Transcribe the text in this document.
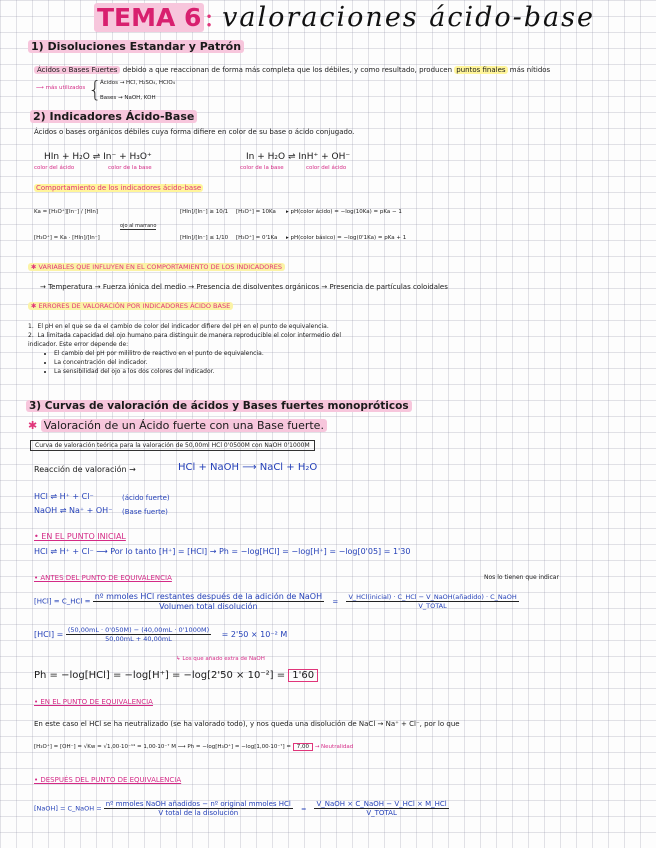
TEMA 6 : valoraciones ácido-base
1) Disoluciones Estandar y Patrón
Ácidos o Bases Fuertes debido a que reaccionan de forma más completa que los débiles, y como resultado, producen puntos finales más nítidos
⟶ más utilizados {
Ácidos → HCl, H₂SO₄, HClO₄
Bases → NaOH, KOH
2) Indicadores Ácido-Base
Ácidos o bases orgánicos débiles cuya forma difiere en color de su base o ácido conjugado.
HIn + H₂O ⇌ In⁻ + H₃O⁺
color del ácido	color de la base
In + H₂O ⇌ InH⁺ + OH⁻
color de la base	color del ácido
Comportamiento de los indicadores ácido-base
Ka = [H₃O⁺][In⁻] / [HIn]
[H₃O⁺] = Ka · [HIn]/[In⁻]
ojo al marrano
[HIn]/[In⁻] ≥ 10/1 [H₃O⁺] = 10Ka ▸ pH(color ácido) = −log(10Ka) = pKa − 1
[HIn]/[In⁻] ≤ 1/10 [H₃O⁺] = 0'1Ka ▸ pH(color básico) = −log(0'1Ka) = pKa + 1
✱ VARIABLES QUE INFLUYEN EN EL COMPORTAMIENTO DE LOS INDICADORES
→ Temperatura → Fuerza iónica del medio → Presencia de disolventes orgánicos → Presencia de partículas coloidales
✱ ERRORES DE VALORACIÓN POR INDICADORES ÁCIDO BASE
1.  El pH en el que se da el cambio de color del indicador difiere del pH en el punto de equivalencia.
2.  La limitada capacidad del ojo humano para distinguir de manera reproducible el color intermedio del indicador. Este error depende de:
• El cambio del pH por mililitro de reactivo en el punto de equivalencia.
• La concentración del indicador.
• La sensibilidad del ojo a los dos colores del indicador.
3) Curvas de valoración de ácidos y Bases fuertes monopróticos
✱ Valoración de un Ácido fuerte con una Base fuerte.
Curva de valoración teórica para la valoración de 50,00ml HCl 0'0500M con NaOH 0'1000M
Reacción de valoración →	HCl + NaOH ⟶ NaCl + H₂O
HCl ⇌ H⁺ + Cl⁻	(ácido fuerte)
NaOH ⇌ Na⁺ + OH⁻ (Base fuerte)
• EN EL PUNTO INICIAL
HCl ⇌ H⁺ + Cl⁻ ⟶ Por lo tanto [H⁺] = [HCl] → Ph = −log[HCl] = −log[H⁺] = −log[0'05] = 1'30
• ANTES DEL PUNTO DE EQUIVALENCIA	Nos lo tienen que indicar
[HCl] = C_HCl = $\frac{\text{nº mmoles HCl restantes después de la adición de NaOH}}{\text{Volumen total disolución}} = \frac{\text{V\_HCl(inicial) · C\_HCl − V\_NaOH(añadido) · C\_NaOH}}{\text{V\_TOTAL}}$
$[HCl] = \frac{(50,00mL \cdot 0'050M) - (40,00mL \cdot 0'1000M)}{50,00mL + 40,00mL} = 2'50 \times 10^{-2}$ M
↳ Los que añado extra de NaOH
Ph = −log[HCl] = −log[H⁺] = −log[2'50 × 10⁻²] = 1'60
• EN EL PUNTO DE EQUIVALENCIA
En este caso el HCl se ha neutralizado (se ha valorado todo), y nos queda una disolución de NaCl → Na⁺ + Cl⁻, por lo que
[H₃O⁺] = [OH⁻] = √Kw = √1,00·10⁻¹⁴ = 1,00·10⁻⁷ M ⟶ Ph = −log[H₃O⁺] = −log[1,00·10⁻⁷] = 7,00 → Neutralidad
• DESPUÉS DEL PUNTO DE EQUIVALENCIA
[NaOH] = C_NaOH = $\frac{\text{nº mmoles NaOH añadidos − nº original mmoles HCl}}{\text{V total de la disolución}} = \frac{\text{V\_NaOH × C\_NaOH − V\_HCl × M\_HCl}}{\text{V\_TOTAL}}$
